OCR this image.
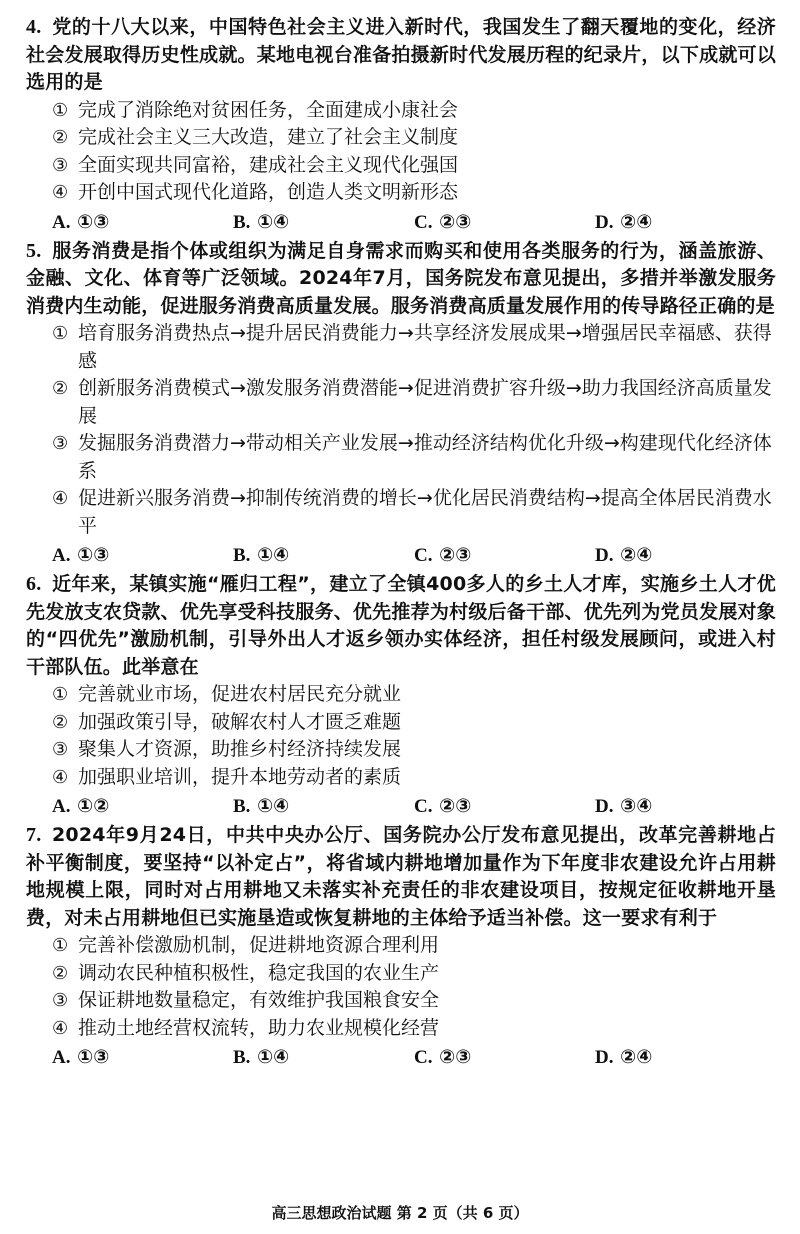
4. 党的十八大以来，中国特色社会主义进入新时代，我国发生了翻天覆地的变化，经济社会发展取得历史性成就。某地电视台准备拍摄新时代发展历程的纪录片，以下成就可以选用的是
① 完成了消除绝对贫困任务，全面建成小康社会
② 完成社会主义三大改造，建立了社会主义制度
③ 全面实现共同富裕，建成社会主义现代化强国
④ 开创中国式现代化道路，创造人类文明新形态
A. ①③	B. ①④	C. ②③	D. ②④
5. 服务消费是指个体或组织为满足自身需求而购买和使用各类服务的行为，涵盖旅游、金融、文化、体育等广泛领域。2024年7月，国务院发布意见提出，多措并举激发服务消费内生动能，促进服务消费高质量发展。服务消费高质量发展作用的传导路径正确的是
① 培育服务消费热点→提升居民消费能力→共享经济发展成果→增强居民幸福感、获得感
② 创新服务消费模式→激发服务消费潜能→促进消费扩容升级→助力我国经济高质量发展
③ 发掘服务消费潜力→带动相关产业发展→推动经济结构优化升级→构建现代化经济体系
④ 促进新兴服务消费→抑制传统消费的增长→优化居民消费结构→提高全体居民消费水平
A. ①③	B. ①④	C. ②③	D. ②④
6. 近年来，某镇实施“雁归工程”，建立了全镇400多人的乡土人才库，实施乡土人才优先发放支农贷款、优先享受科技服务、优先推荐为村级后备干部、优先列为党员发展对象的“四优先”激励机制，引导外出人才返乡领办实体经济，担任村级发展顾问，或进入村干部队伍。此举意在
① 完善就业市场，促进农村居民充分就业
② 加强政策引导，破解农村人才匮乏难题
③ 聚集人才资源，助推乡村经济持续发展
④ 加强职业培训，提升本地劳动者的素质
A. ①②	B. ①④	C. ②③	D. ③④
7. 2024年9月24日，中共中央办公厅、国务院办公厅发布意见提出，改革完善耕地占补平衡制度，要坚持“以补定占”，将省域内耕地增加量作为下年度非农建设允许占用耕地规模上限，同时对占用耕地又未落实补充责任的非农建设项目，按规定征收耕地开垦费，对未占用耕地但已实施垦造或恢复耕地的主体给予适当补偿。这一要求有利于
① 完善补偿激励机制，促进耕地资源合理利用
② 调动农民种植积极性，稳定我国的农业生产
③ 保证耕地数量稳定，有效维护我国粮食安全
④ 推动土地经营权流转，助力农业规模化经营
A. ①③	B. ①④	C. ②③	D. ②④
高三思想政治试题 第 2 页（共 6 页）
